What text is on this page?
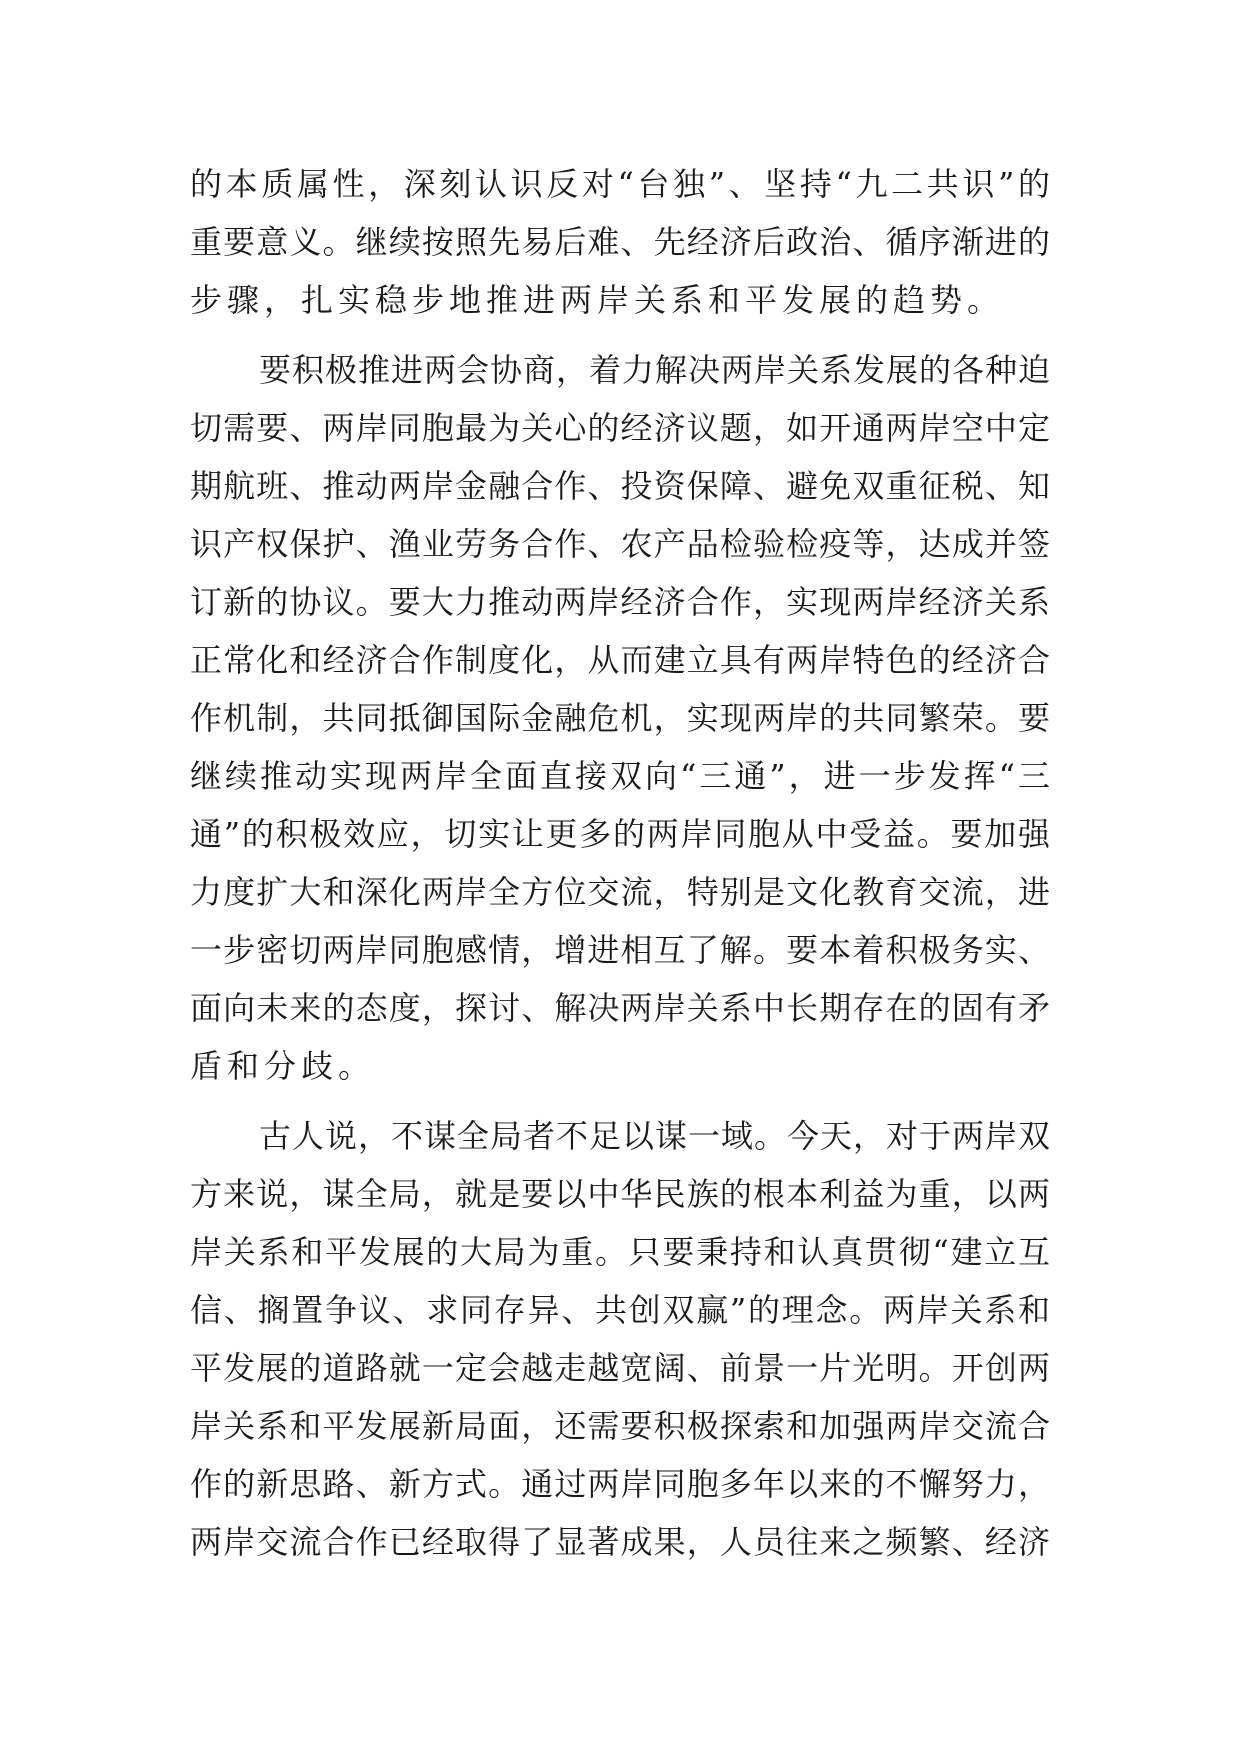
的本质属性，深刻认识反对“台独”、坚持“九二共识”的
重要意义。继续按照先易后难、先经济后政治、循序渐进的
步骤，扎实稳步地推进两岸关系和平发展的趋势。
要积极推进两会协商，着力解决两岸关系发展的各种迫
切需要、两岸同胞最为关心的经济议题，如开通两岸空中定
期航班、推动两岸金融合作、投资保障、避免双重征税、知
识产权保护、渔业劳务合作、农产品检验检疫等，达成并签
订新的协议。要大力推动两岸经济合作，实现两岸经济关系
正常化和经济合作制度化，从而建立具有两岸特色的经济合
作机制，共同抵御国际金融危机，实现两岸的共同繁荣。要
继续推动实现两岸全面直接双向“三通”，进一步发挥“三
通”的积极效应，切实让更多的两岸同胞从中受益。要加强
力度扩大和深化两岸全方位交流，特别是文化教育交流，进
一步密切两岸同胞感情，增进相互了解。要本着积极务实、
面向未来的态度，探讨、解决两岸关系中长期存在的固有矛
盾和分歧。
古人说，不谋全局者不足以谋一域。今天，对于两岸双
方来说，谋全局，就是要以中华民族的根本利益为重，以两
岸关系和平发展的大局为重。只要秉持和认真贯彻“建立互
信、搁置争议、求同存异、共创双赢”的理念。两岸关系和
平发展的道路就一定会越走越宽阔、前景一片光明。开创两
岸关系和平发展新局面，还需要积极探索和加强两岸交流合
作的新思路、新方式。通过两岸同胞多年以来的不懈努力，
两岸交流合作已经取得了显著成果，人员往来之频繁、经济
